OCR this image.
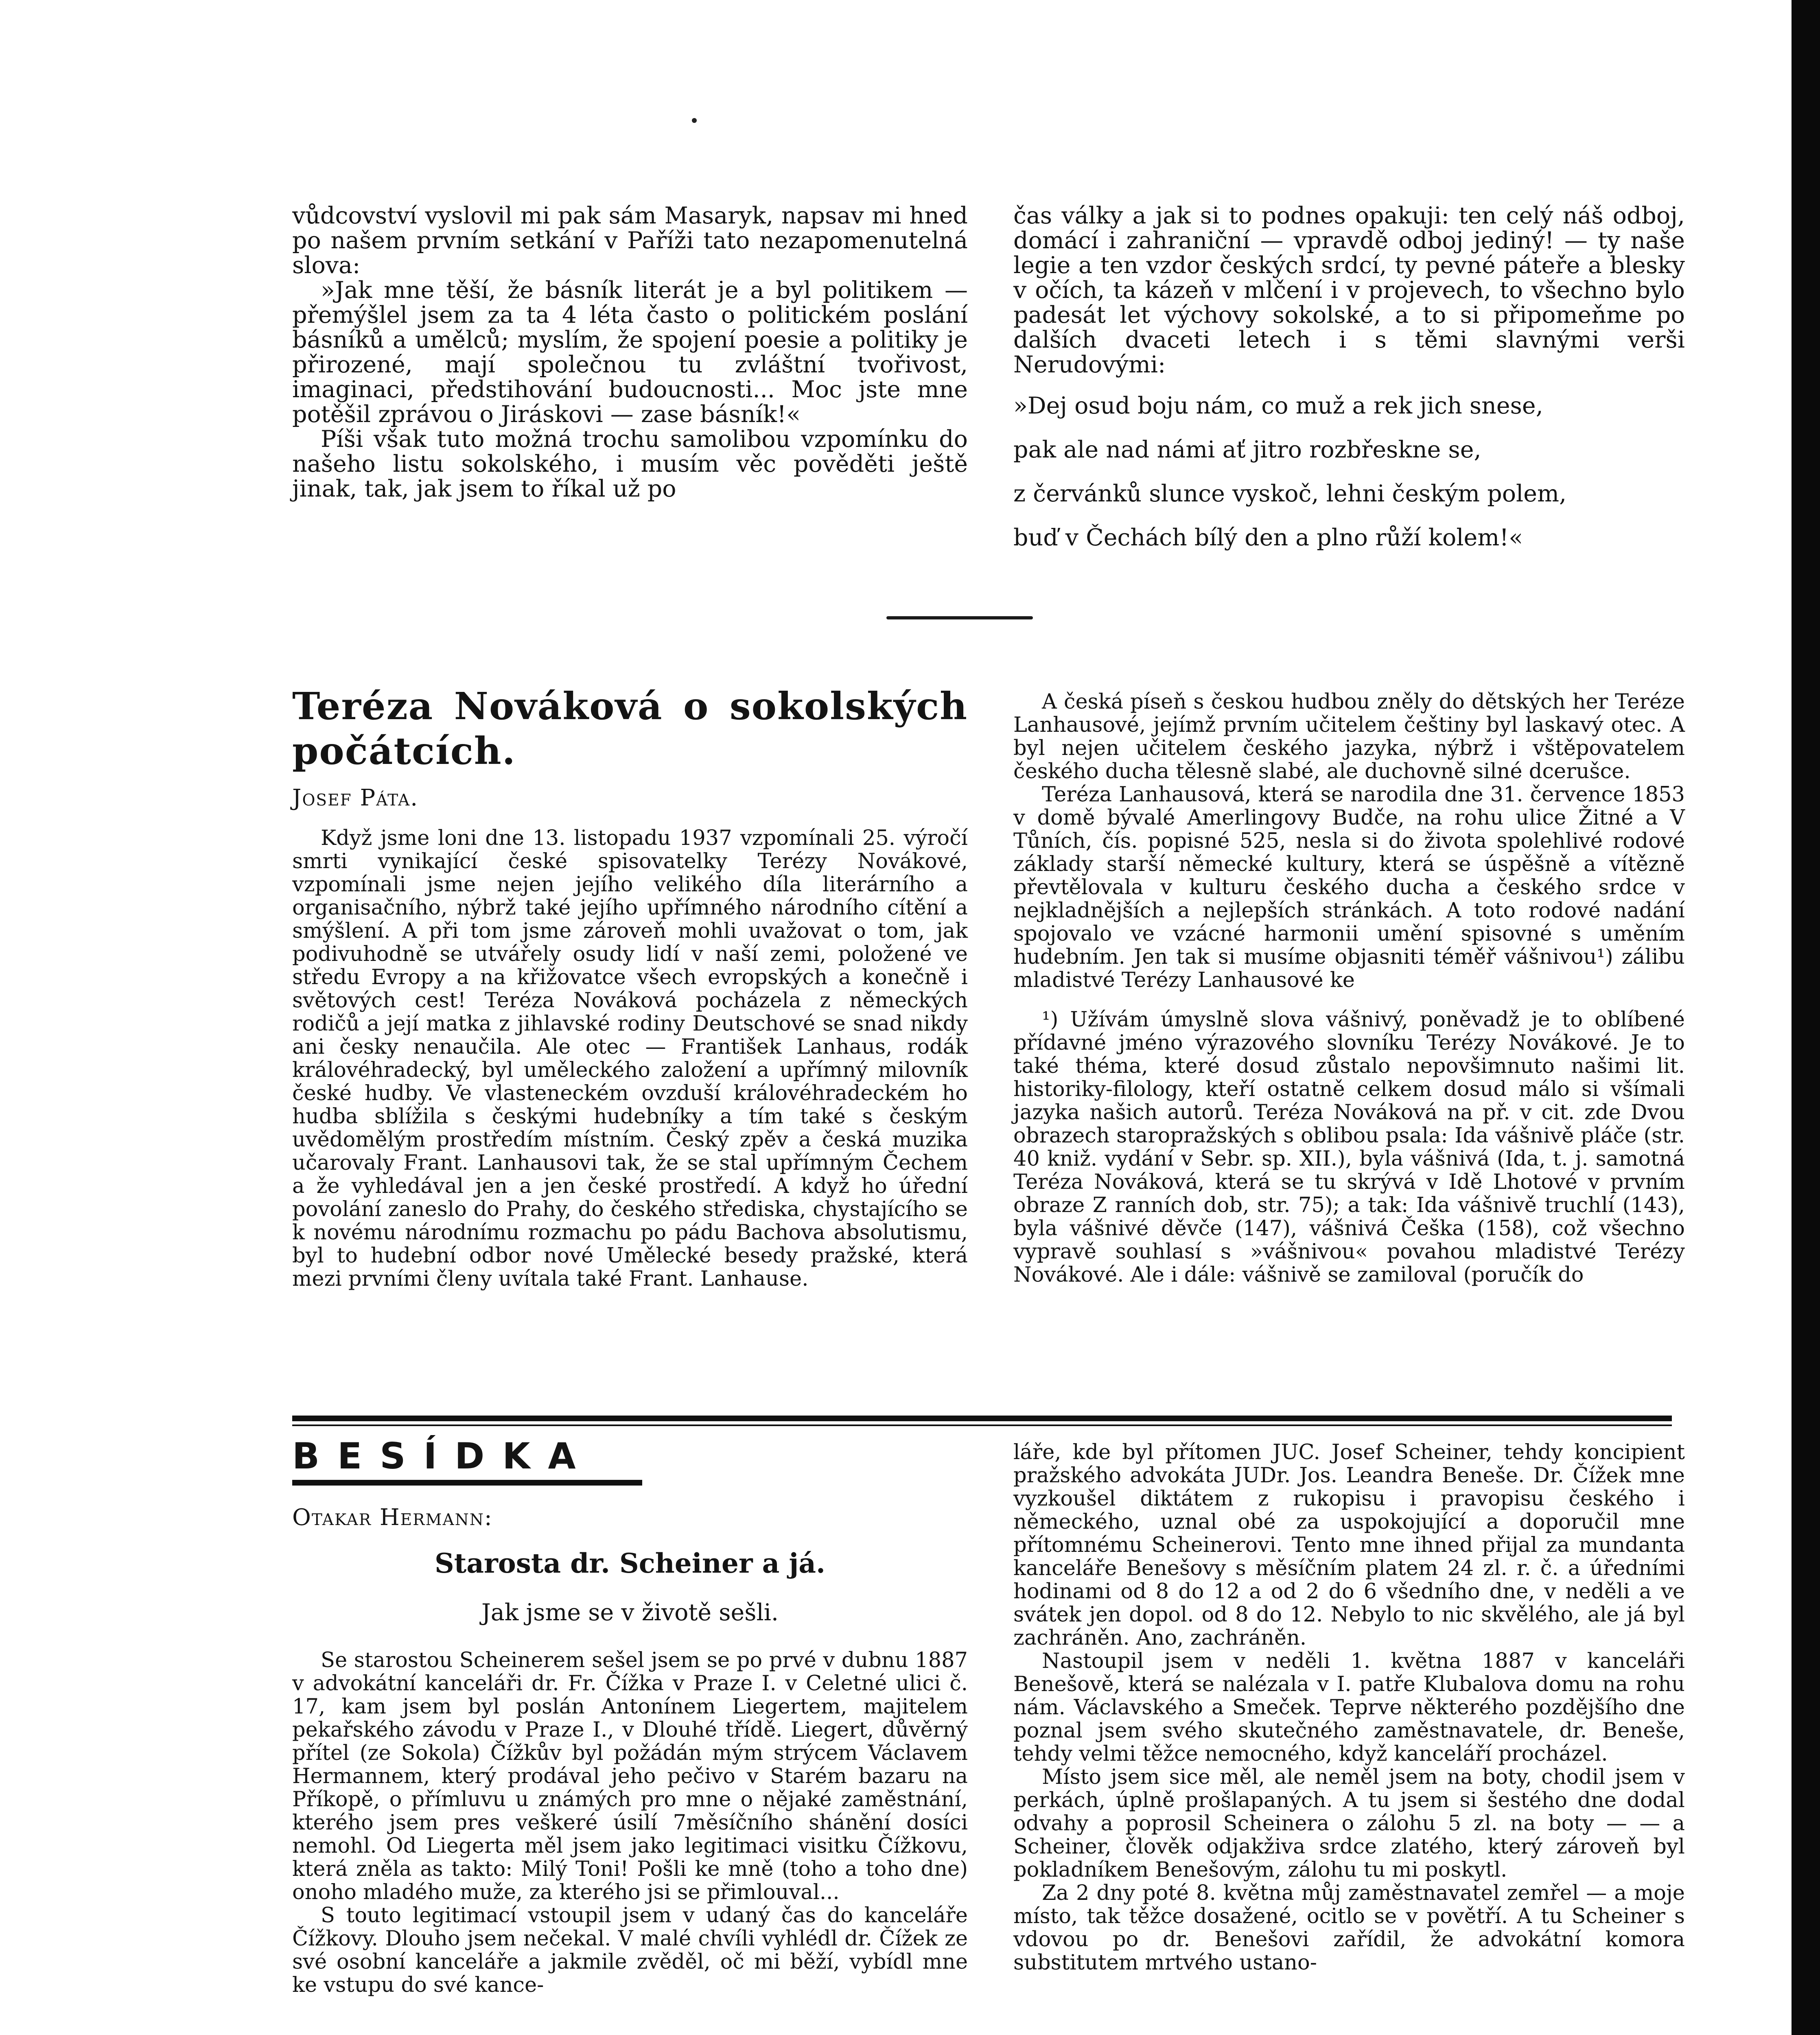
vůdcovství vyslovil mi pak sám Masaryk, napsav mi hned po našem prvním setkání v Paříži tato nezapomenutelná slova:

»Jak mne těší, že básník literát je a byl politikem — přemýšlel jsem za ta 4 léta často o politickém poslání básníků a umělců; myslím, že spojení poesie a politiky je přirozené, mají společnou tu zvláštní tvořivost, imaginaci, předstihování budoucnosti... Moc jste mne potěšil zprávou o Jiráskovi — zase básník!«

Píši však tuto možná trochu samolibou vzpomínku do našeho listu sokolského, i musím věc pověděti ještě jinak, tak, jak jsem to říkal už po

čas války a jak si to podnes opakuji: ten celý náš odboj, domácí i zahraniční — vpravdě odboj jediný! — ty naše legie a ten vzdor českých srdcí, ty pevné páteře a blesky v očích, ta kázeň v mlčení i v projevech, to všechno bylo padesát let výchovy sokolské, a to si připomeňme po dalších dvaceti letech i s těmi slavnými verši Nerudovými:

»Dej osud boju nám, co muž a rek jich snese,

pak ale nad námi ať jitro rozbřeskne se,

z červánků slunce vyskoč, lehni českým polem,

buď v Čechách bílý den a plno růží kolem!«

Teréza Nováková o sokolských počátcích.
Josef Páta.

Když jsme loni dne 13. listopadu 1937 vzpomínali 25. výročí smrti vynikající české spisovatelky Terézy Novákové, vzpomínali jsme nejen jejího velikého díla literárního a organisačního, nýbrž také jejího upřímného národního cítění a smýšlení. A při tom jsme zároveň mohli uvažovat o tom, jak podivuhodně se utvářely osudy lidí v naší zemi, položené ve středu Evropy a na křižovatce všech evropských a konečně i světových cest! Teréza Nováková pocházela z německých rodičů a její matka z jihlavské rodiny Deutschové se snad nikdy ani česky nenaučila. Ale otec — František Lanhaus, rodák královéhradecký, byl uměleckého založení a upřímný milovník české hudby. Ve vlasteneckém ovzduší královéhradeckém ho hudba sblížila s českými hudebníky a tím také s českým uvědomělým prostředím místním. Český zpěv a česká muzika učarovaly Frant. Lanhausovi tak, že se stal upřímným Čechem a že vyhledával jen a jen české prostředí. A když ho úřední povolání zaneslo do Prahy, do českého střediska, chystajícího se k novému národnímu rozmachu po pádu Bachova absolutismu, byl to hudební odbor nové Umělecké besedy pražské, která mezi prvními členy uvítala také Frant. Lanhause.

A česká píseň s českou hudbou zněly do dětských her Teréze Lanhausové, jejímž prvním učitelem češtiny byl laskavý otec. A byl nejen učitelem českého jazyka, nýbrž i vštěpovatelem českého ducha tělesně slabé, ale duchovně silné dcerušce.

Teréza Lanhausová, která se narodila dne 31. července 1853 v domě bývalé Amerlingovy Budče, na rohu ulice Žitné a V Tůních, čís. popisné 525, nesla si do života spolehlivé rodové základy starší německé kultury, která se úspěšně a vítězně převtělovala v kulturu českého ducha a českého srdce v nejkladnějších a nejlepších stránkách. A toto rodové nadání spojovalo ve vzácné harmonii umění spisovné s uměním hudebním. Jen tak si musíme objasniti téměř vášnivou¹) zálibu mladistvé Terézy Lanhausové ke

¹) Užívám úmyslně slova vášnivý, poněvadž je to oblíbené přídavné jméno výrazového slovníku Terézy Novákové. Je to také théma, které dosud zůstalo nepovšimnuto našimi lit. historiky-filology, kteří ostatně celkem dosud málo si všímali jazyka našich autorů. Teréza Nováková na př. v cit. zde Dvou obrazech staropražských s oblibou psala: Ida vášnivě pláče (str. 40 kniž. vydání v Sebr. sp. XII.), byla vášnivá (Ida, t. j. samotná Teréza Nováková, která se tu skrývá v Idě Lhotové v prvním obraze Z ranních dob, str. 75); a tak: Ida vášnivě truchlí (143), byla vášnivé děvče (147), vášnivá Češka (158), což všechno vypravě souhlasí s »vášnivou« povahou mladistvé Terézy Novákové. Ale i dále: vášnivě se zamiloval (poručík do

BESÍDKA
Otakar Hermann:
Starosta dr. Scheiner a já.
Jak jsme se v životě sešli.

Se starostou Scheinerem sešel jsem se po prvé v dubnu 1887 v advokátní kanceláři dr. Fr. Čížka v Praze I. v Celetné ulici č. 17, kam jsem byl poslán Antonínem Liegertem, majitelem pekařského závodu v Praze I., v Dlouhé třídě. Liegert, důvěrný přítel (ze Sokola) Čížkův byl požádán mým strýcem Václavem Hermannem, který prodával jeho pečivo v Starém bazaru na Příkopě, o přímluvu u známých pro mne o nějaké zaměstnání, kterého jsem pres veškeré úsilí 7měsíčního shánění dosíci nemohl. Od Liegerta měl jsem jako legitimaci visitku Čížkovu, která zněla as takto: Milý Toni! Pošli ke mně (toho a toho dne) onoho mladého muže, za kterého jsi se přimlouval...

S touto legitimací vstoupil jsem v udaný čas do kanceláře Čížkovy. Dlouho jsem nečekal. V malé chvíli vyhlédl dr. Čížek ze své osobní kanceláře a jakmile zvěděl, oč mi běží, vybídl mne ke vstupu do své kance-

láře, kde byl přítomen JUC. Josef Scheiner, tehdy koncipient pražského advokáta JUDr. Jos. Leandra Beneše. Dr. Čížek mne vyzkoušel diktátem z rukopisu i pravopisu českého i německého, uznal obé za uspokojující a doporučil mne přítomnému Scheinerovi. Tento mne ihned přijal za mundanta kanceláře Benešovy s měsíčním platem 24 zl. r. č. a úředními hodinami od 8 do 12 a od 2 do 6 všedního dne, v neděli a ve svátek jen dopol. od 8 do 12. Nebylo to nic skvělého, ale já byl zachráněn. Ano, zachráněn.

Nastoupil jsem v neděli 1. května 1887 v kanceláři Benešově, která se nalézala v I. patře Klubalova domu na rohu nám. Václavského a Smeček. Teprve některého pozdějšího dne poznal jsem svého skutečného zaměstnavatele, dr. Beneše, tehdy velmi těžce nemocného, když kanceláří procházel.

Místo jsem sice měl, ale neměl jsem na boty, chodil jsem v perkách, úplně prošlapaných. A tu jsem si šestého dne dodal odvahy a poprosil Scheinera o zálohu 5 zl. na boty — — a Scheiner, člověk odjakživa srdce zlatého, který zároveň byl pokladníkem Benešovým, zálohu tu mi poskytl.

Za 2 dny poté 8. května můj zaměstnavatel zemřel — a moje místo, tak těžce dosažené, ocitlo se v povětří. A tu Scheiner s vdovou po dr. Benešovi zařídil, že advokátní komora substitutem mrtvého ustano-
